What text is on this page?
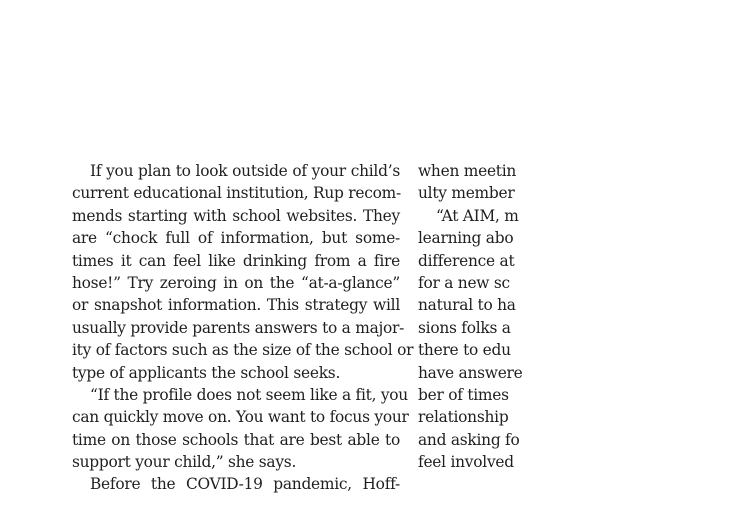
If you plan to look outside of your child’s
current educational institution, Rup recom-
mends starting with school websites. They
are “chock full of information, but some-
times it can feel like drinking from a fire
hose!” Try zeroing in on the “at-a-glance”
or snapshot information. This strategy will
usually provide parents answers to a major-
ity of factors such as the size of the school or
type of applicants the school seeks.
“If the profile does not seem like a fit, you
can quickly move on. You want to focus your
time on those schools that are best able to
support your child,” she says.
Before the COVID-19 pandemic, Hoff-
when meetin
ulty member
“At AIM, m
learning abo
difference at
for a new sc
natural to ha
sions folks a
there to edu
have answere
ber of times
relationship
and asking fo
feel involved
